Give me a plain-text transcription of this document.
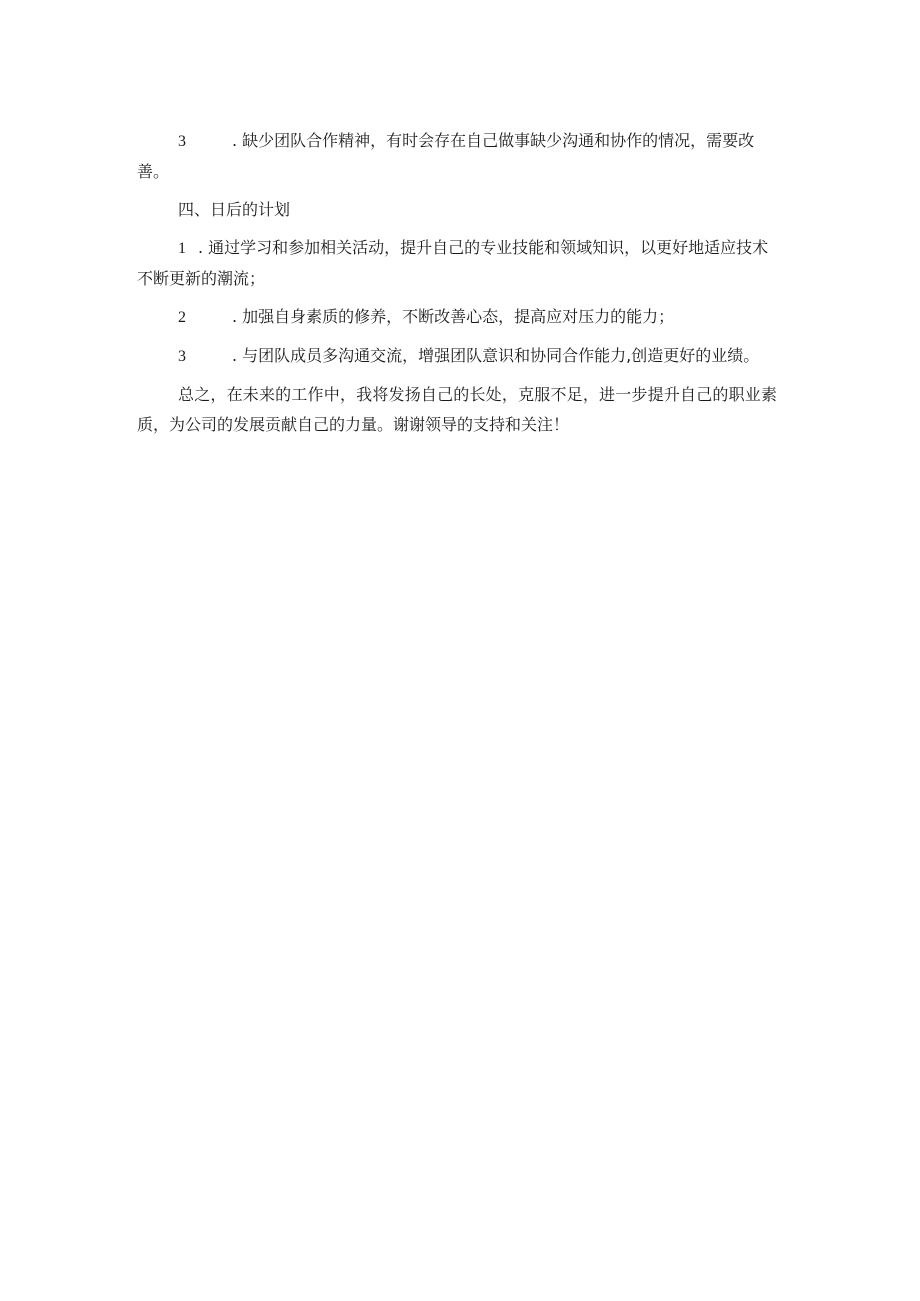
3	. 缺少团队合作精神，有时会存在自己做事缺少沟通和协作的情况，需要改善。

四、日后的计划

1 . 通过学习和参加相关活动，提升自己的专业技能和领域知识，以更好地适应技术不断更新的潮流；

2	. 加强自身素质的修养，不断改善心态，提高应对压力的能力；

3	. 与团队成员多沟通交流，增强团队意识和协同合作能力,创造更好的业绩。

总之，在未来的工作中，我将发扬自己的长处，克服不足，进一步提升自己的职业素质，为公司的发展贡献自己的力量。谢谢领导的支持和关注！
